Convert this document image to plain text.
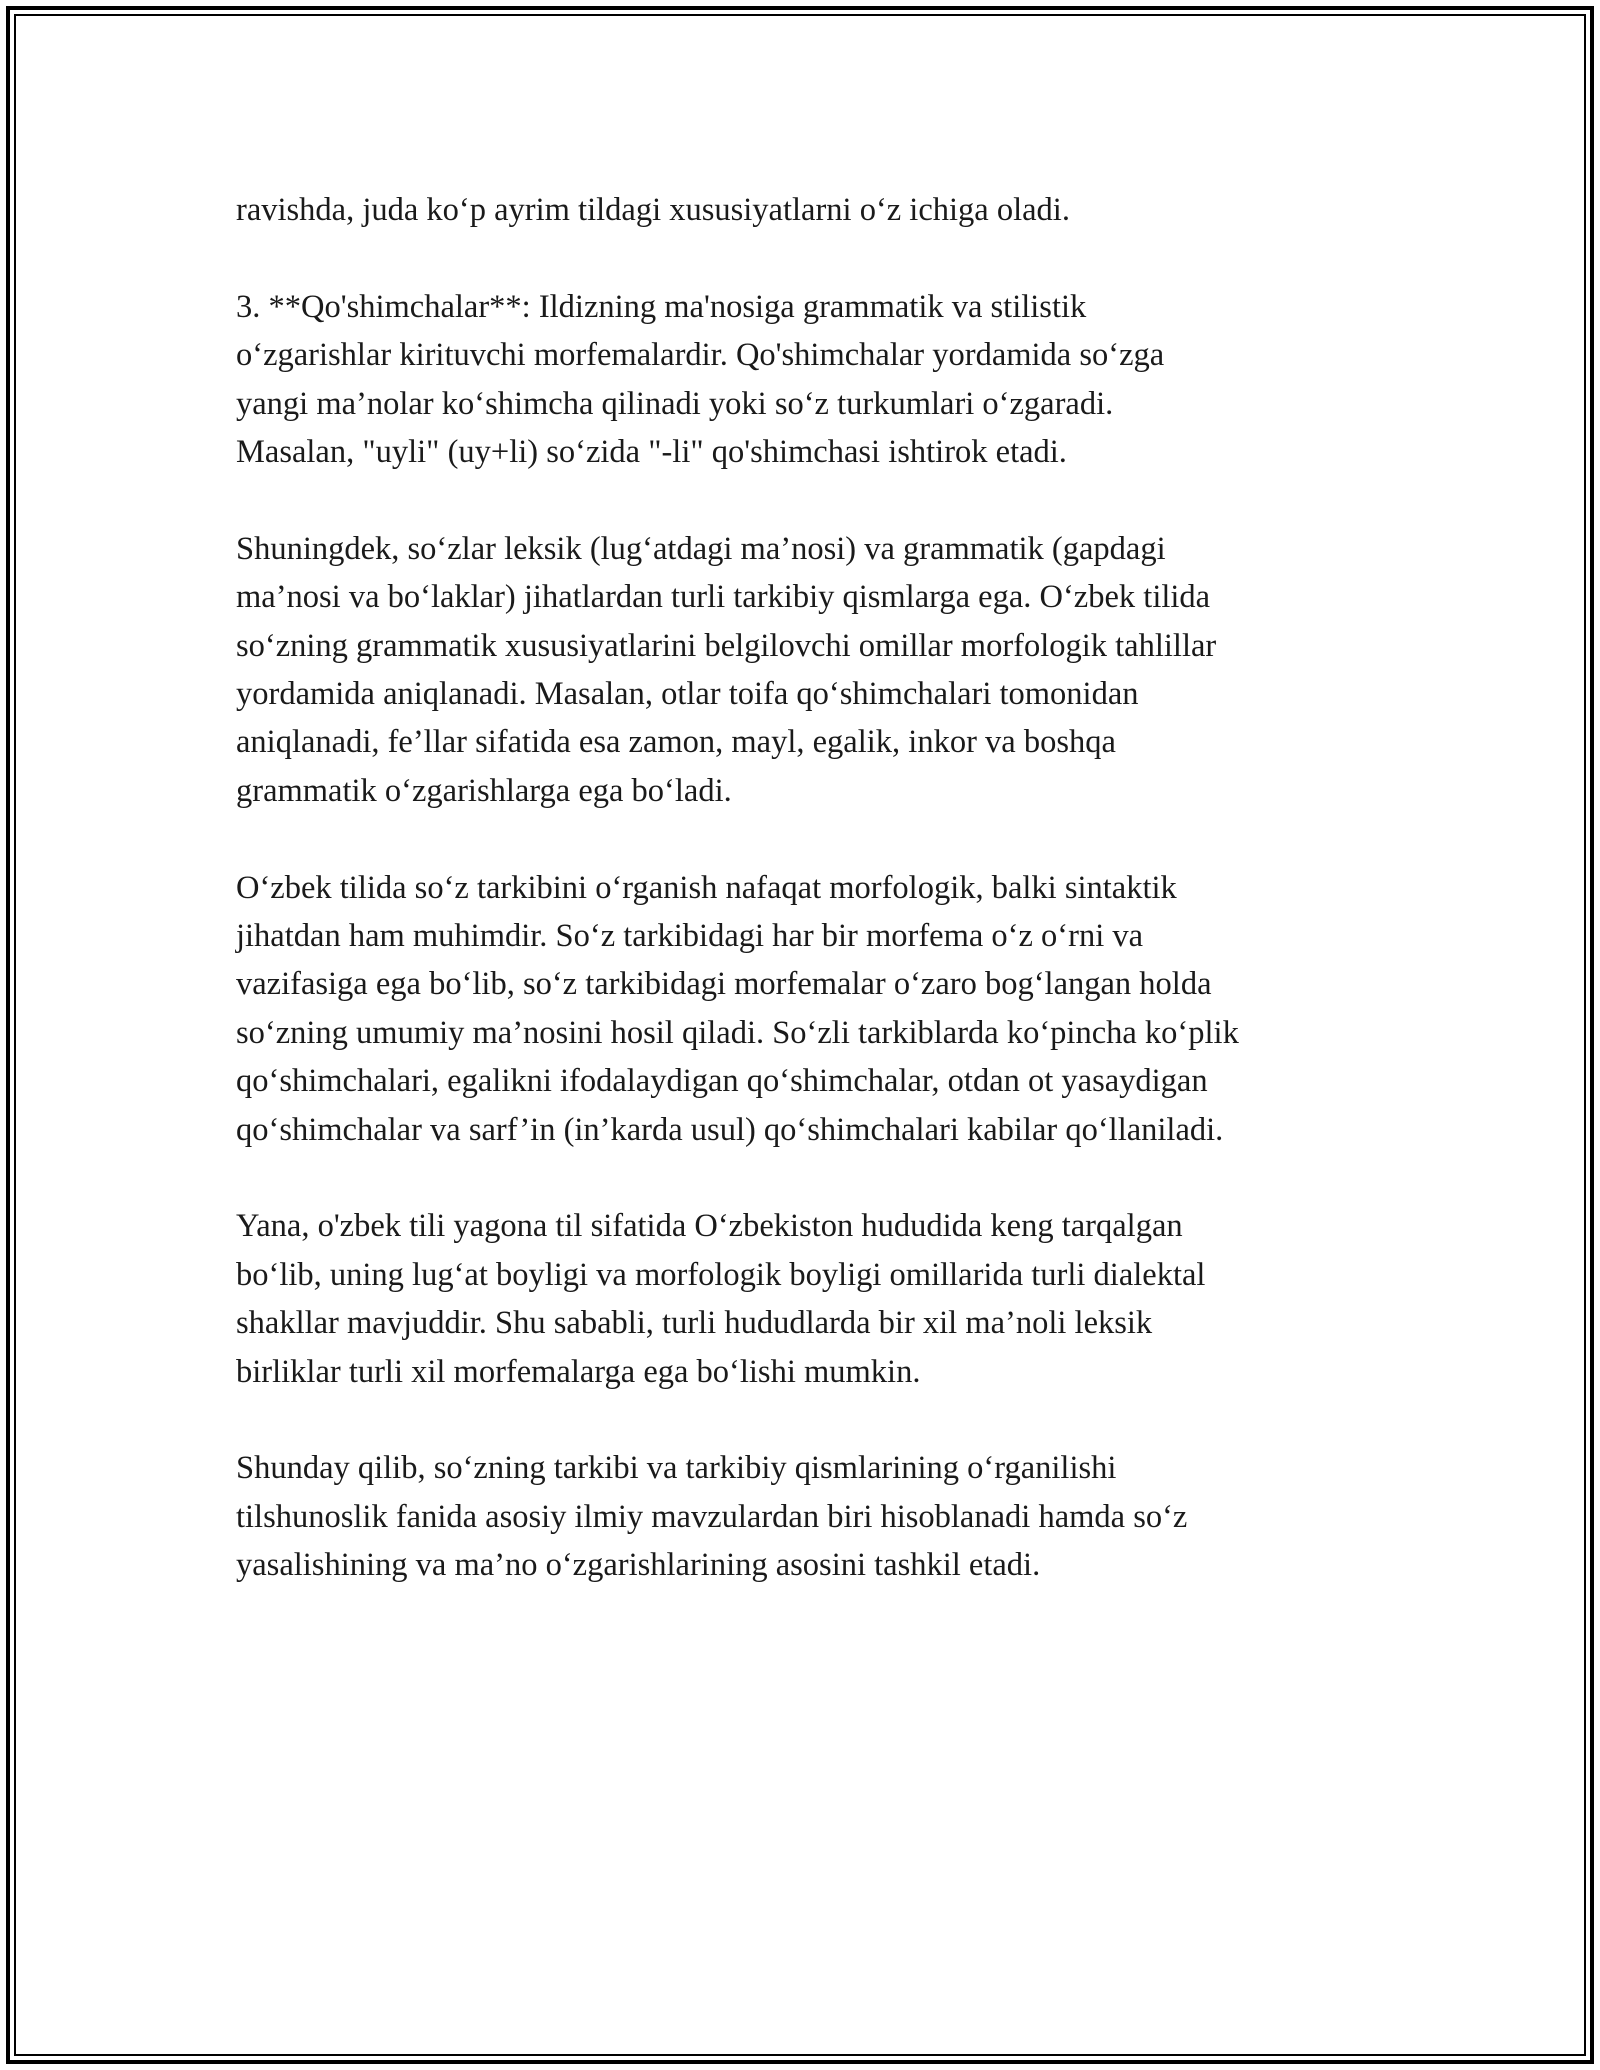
ravishda, juda ko‘p ayrim tildagi xususiyatlarni o‘z ichiga oladi.

3. **Qo'shimchalar**: Ildizning ma'nosiga grammatik va stilistik
o‘zgarishlar kirituvchi morfemalardir. Qo'shimchalar yordamida so‘zga
yangi ma’nolar ko‘shimcha qilinadi yoki so‘z turkumlari o‘zgaradi.
Masalan, "uyli" (uy+li) so‘zida "-li" qo'shimchasi ishtirok etadi.

Shuningdek, so‘zlar leksik (lug‘atdagi ma’nosi) va grammatik (gapdagi
ma’nosi va bo‘laklar) jihatlardan turli tarkibiy qismlarga ega. O‘zbek tilida
so‘zning grammatik xususiyatlarini belgilovchi omillar morfologik tahlillar
yordamida aniqlanadi. Masalan, otlar toifa qo‘shimchalari tomonidan
aniqlanadi, fe’llar sifatida esa zamon, mayl, egalik, inkor va boshqa
grammatik o‘zgarishlarga ega bo‘ladi.

O‘zbek tilida so‘z tarkibini o‘rganish nafaqat morfologik, balki sintaktik
jihatdan ham muhimdir. So‘z tarkibidagi har bir morfema o‘z o‘rni va
vazifasiga ega bo‘lib, so‘z tarkibidagi morfemalar o‘zaro bog‘langan holda
so‘zning umumiy ma’nosini hosil qiladi. So‘zli tarkiblarda ko‘pincha ko‘plik
qo‘shimchalari, egalikni ifodalaydigan qo‘shimchalar, otdan ot yasaydigan
qo‘shimchalar va sarf’in (in’karda usul) qo‘shimchalari kabilar qo‘llaniladi.

Yana, o'zbek tili yagona til sifatida O‘zbekiston hududida keng tarqalgan
bo‘lib, uning lug‘at boyligi va morfologik boyligi omillarida turli dialektal
shakllar mavjuddir. Shu sababli, turli hududlarda bir xil ma’noli leksik
birliklar turli xil morfemalarga ega bo‘lishi mumkin.

Shunday qilib, so‘zning tarkibi va tarkibiy qismlarining o‘rganilishi
tilshunoslik fanida asosiy ilmiy mavzulardan biri hisoblanadi hamda so‘z
yasalishining va ma’no o‘zgarishlarining asosini tashkil etadi.
